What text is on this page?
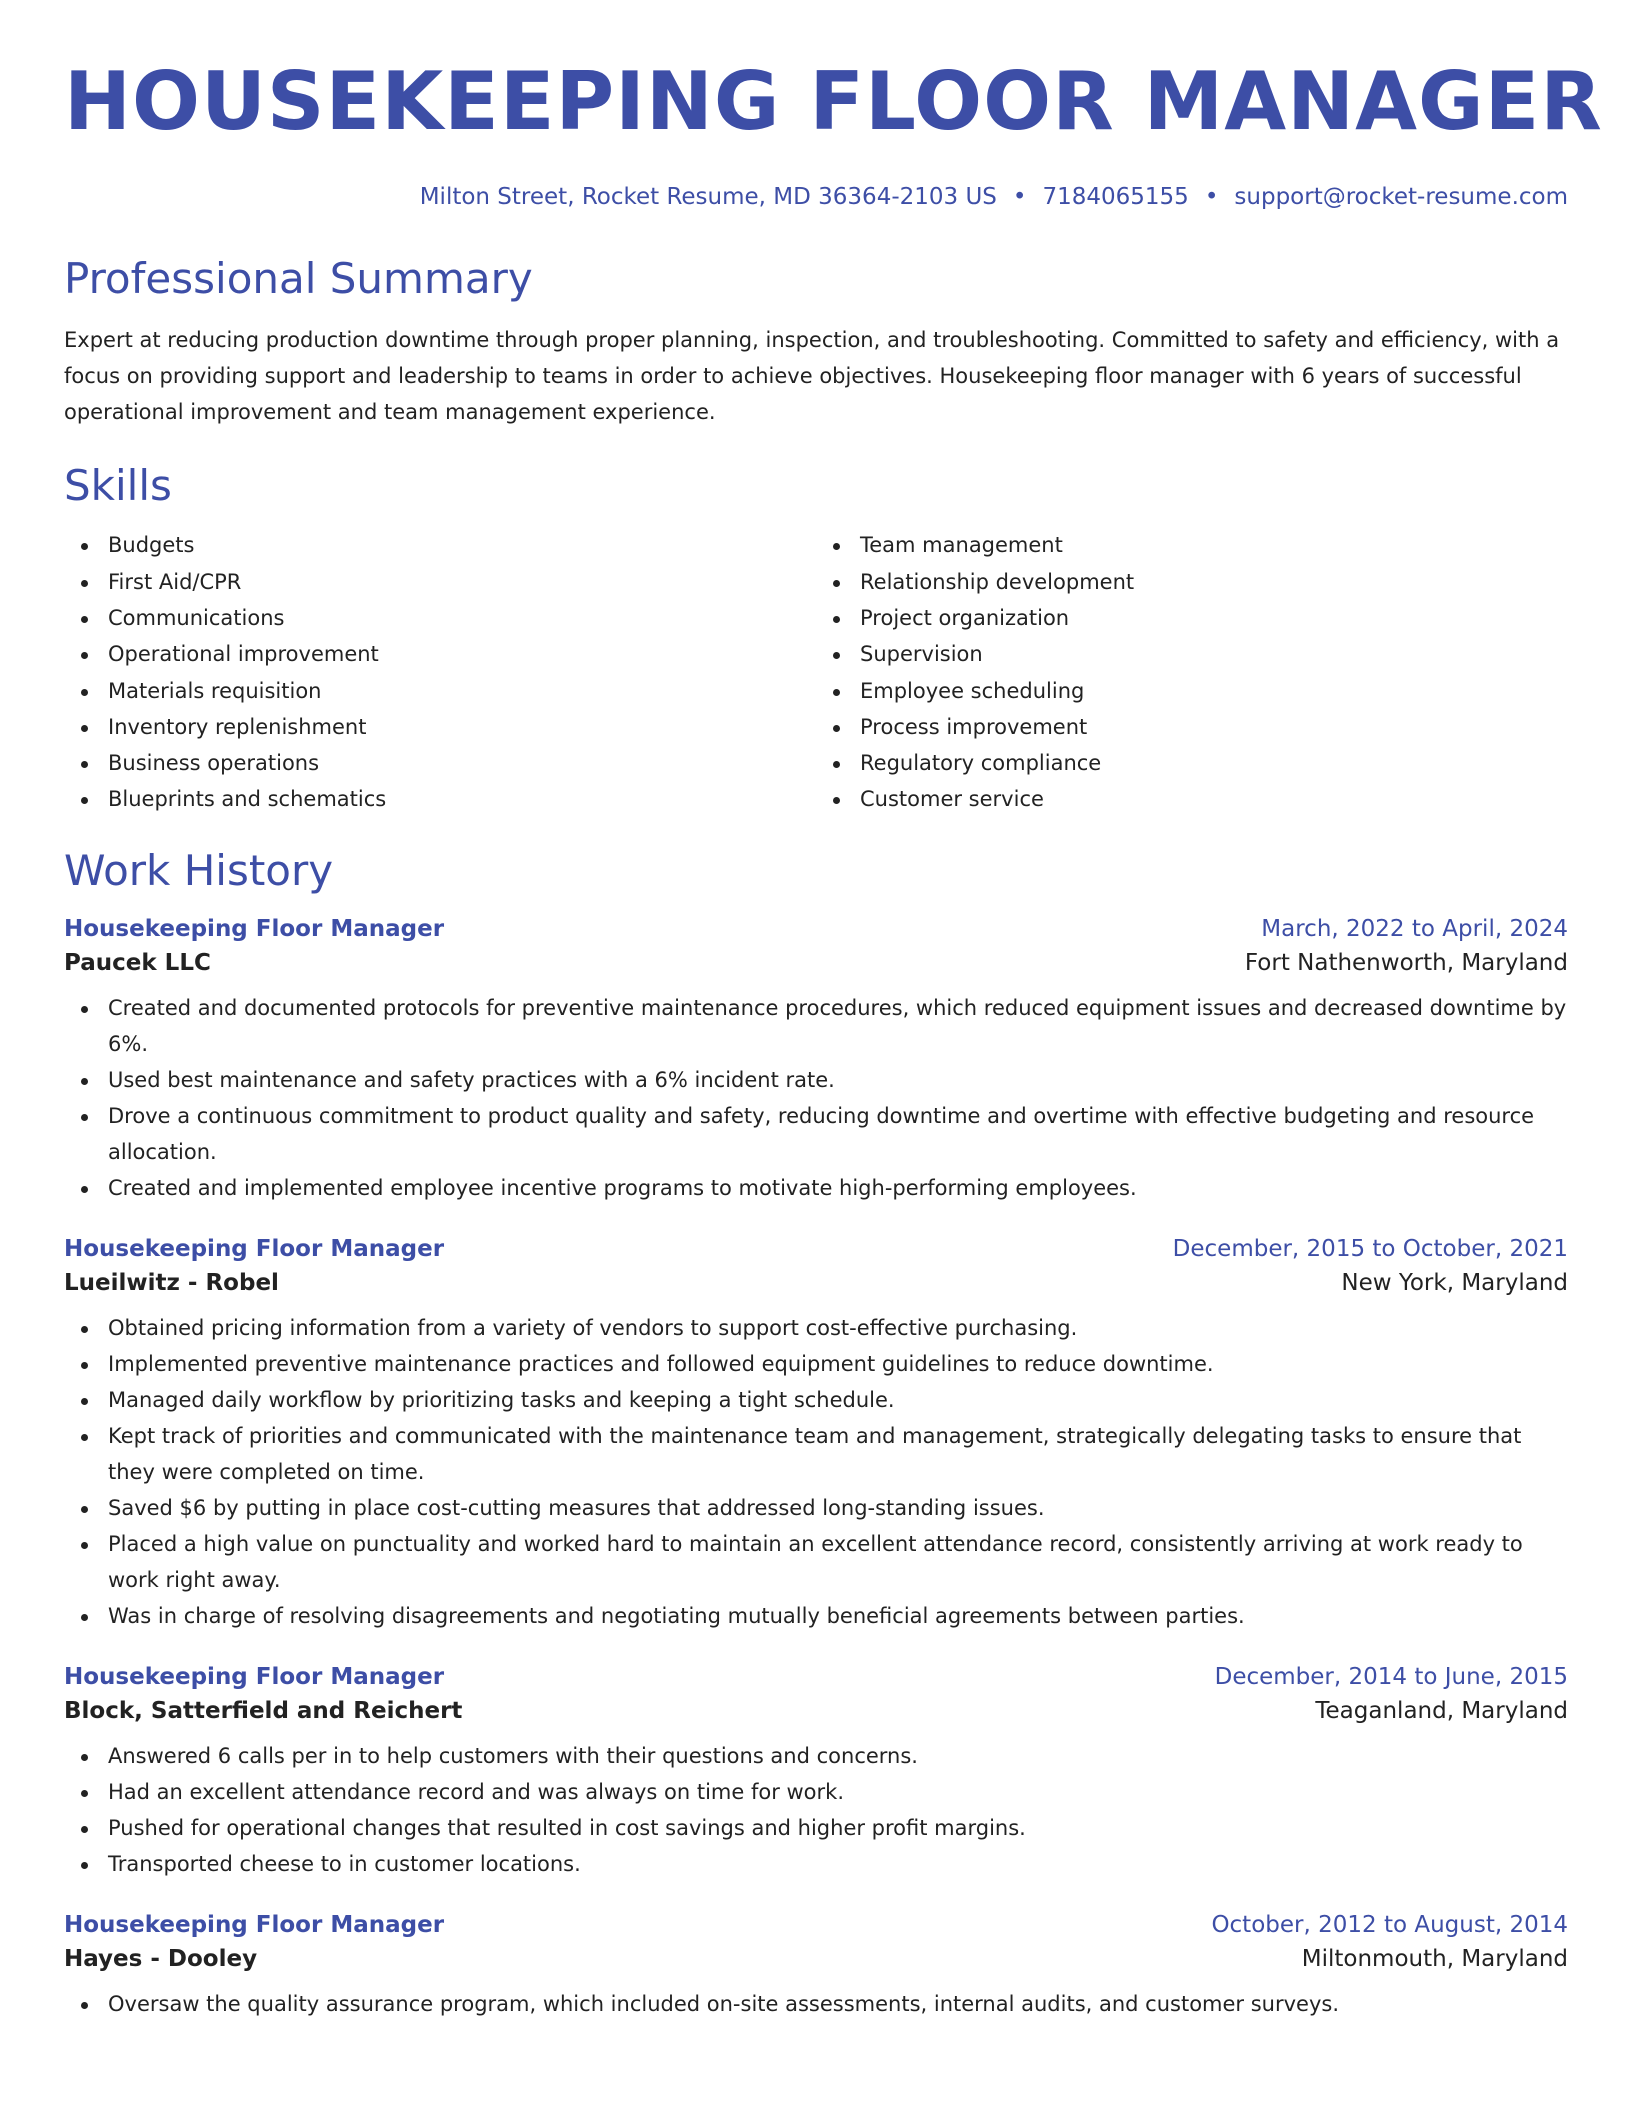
HOUSEKEEPING FLOOR MANAGER
Milton Street, Rocket Resume, MD 36364-2103 US • 7184065155 • support@rocket-resume.com
Professional Summary
Expert at reducing production downtime through proper planning, inspection, and troubleshooting. Committed to safety and efficiency, with a focus on providing support and leadership to teams in order to achieve objectives. Housekeeping floor manager with 6 years of successful operational improvement and team management experience.
Skills
Budgets
First Aid/CPR
Communications
Operational improvement
Materials requisition
Inventory replenishment
Business operations
Blueprints and schematics
Team management
Relationship development
Project organization
Supervision
Employee scheduling
Process improvement
Regulatory compliance
Customer service
Work History
Housekeeping Floor Manager	March, 2022 to April, 2024
Paucek LLC	Fort Nathenworth, Maryland
Created and documented protocols for preventive maintenance procedures, which reduced equipment issues and decreased downtime by 6%.
Used best maintenance and safety practices with a 6% incident rate.
Drove a continuous commitment to product quality and safety, reducing downtime and overtime with effective budgeting and resource allocation.
Created and implemented employee incentive programs to motivate high-performing employees.
Housekeeping Floor Manager	December, 2015 to October, 2021
Lueilwitz - Robel	New York, Maryland
Obtained pricing information from a variety of vendors to support cost-effective purchasing.
Implemented preventive maintenance practices and followed equipment guidelines to reduce downtime.
Managed daily workflow by prioritizing tasks and keeping a tight schedule.
Kept track of priorities and communicated with the maintenance team and management, strategically delegating tasks to ensure that they were completed on time.
Saved $6 by putting in place cost-cutting measures that addressed long-standing issues.
Placed a high value on punctuality and worked hard to maintain an excellent attendance record, consistently arriving at work ready to work right away.
Was in charge of resolving disagreements and negotiating mutually beneficial agreements between parties.
Housekeeping Floor Manager	December, 2014 to June, 2015
Block, Satterfield and Reichert	Teaganland, Maryland
Answered 6 calls per in to help customers with their questions and concerns.
Had an excellent attendance record and was always on time for work.
Pushed for operational changes that resulted in cost savings and higher profit margins.
Transported cheese to in customer locations.
Housekeeping Floor Manager	October, 2012 to August, 2014
Hayes - Dooley	Miltonmouth, Maryland
Oversaw the quality assurance program, which included on-site assessments, internal audits, and customer surveys.
